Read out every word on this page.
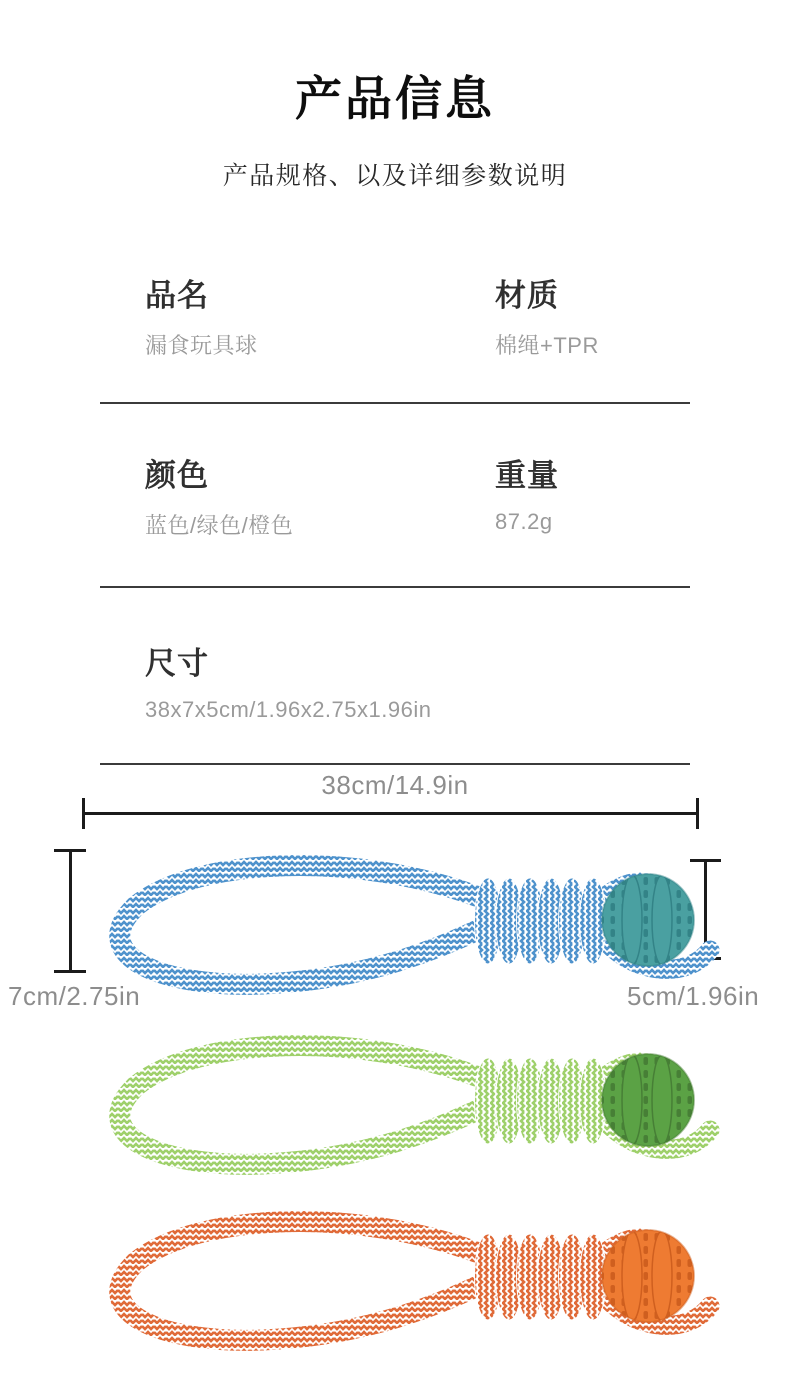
产品信息
产品规格、以及详细参数说明
品名
漏食玩具球
材质
棉绳+TPR
颜色
蓝色/绿色/橙色
重量
87.2g
尺寸
38x7x5cm/1.96x2.75x1.96in
38cm/14.9in
7cm/2.75in	5cm/1.96in
